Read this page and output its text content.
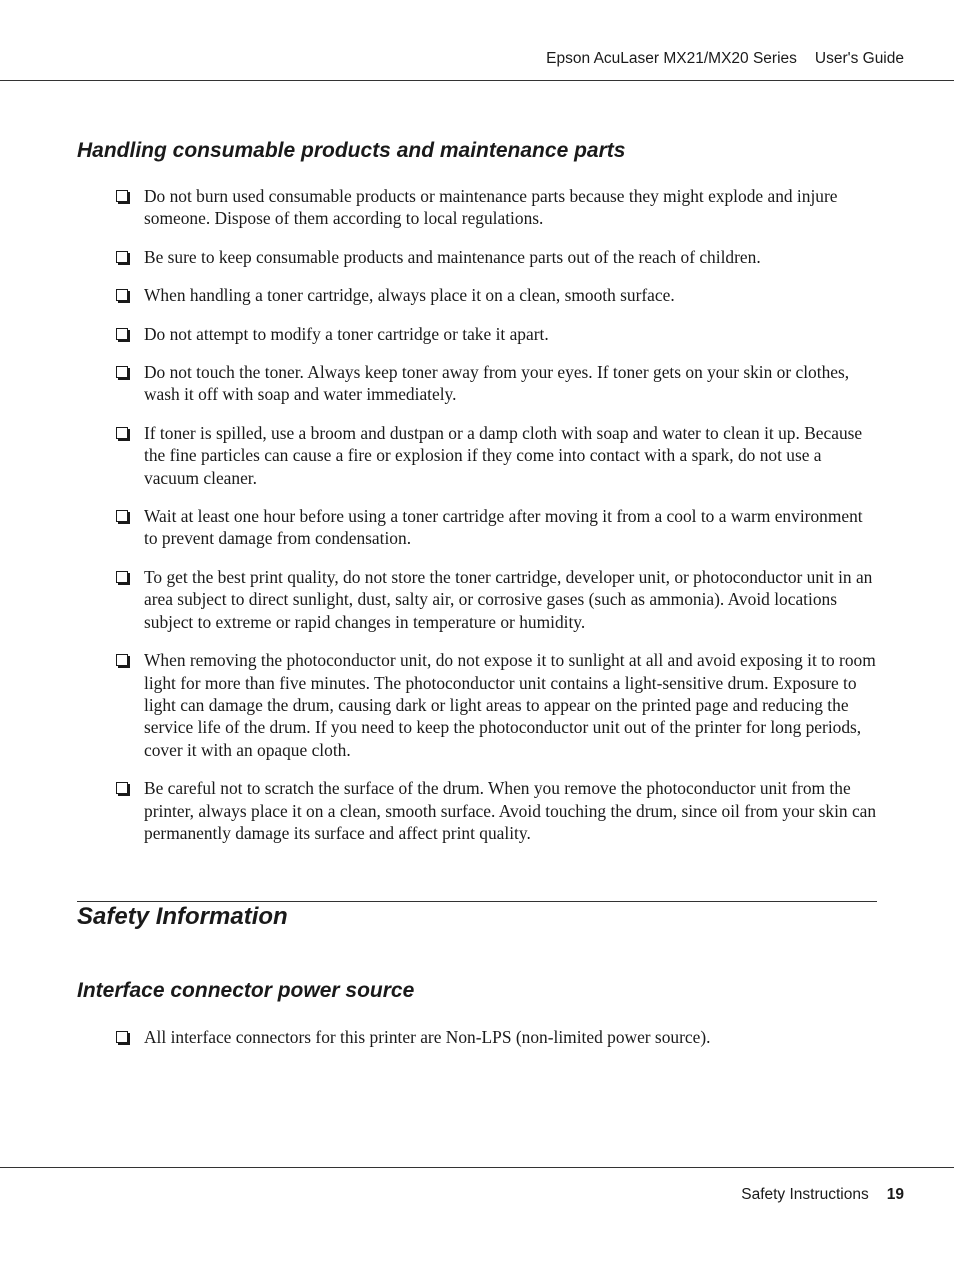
Epson AcuLaser MX21/MX20 Series User's Guide
Handling consumable products and maintenance parts
Do not burn used consumable products or maintenance parts because they might explode and injure someone. Dispose of them according to local regulations.
Be sure to keep consumable products and maintenance parts out of the reach of children.
When handling a toner cartridge, always place it on a clean, smooth surface.
Do not attempt to modify a toner cartridge or take it apart.
Do not touch the toner. Always keep toner away from your eyes. If toner gets on your skin or clothes, wash it off with soap and water immediately.
If toner is spilled, use a broom and dustpan or a damp cloth with soap and water to clean it up. Because the fine particles can cause a fire or explosion if they come into contact with a spark, do not use a vacuum cleaner.
Wait at least one hour before using a toner cartridge after moving it from a cool to a warm environment to prevent damage from condensation.
To get the best print quality, do not store the toner cartridge, developer unit, or photoconductor unit in an area subject to direct sunlight, dust, salty air, or corrosive gases (such as ammonia). Avoid locations subject to extreme or rapid changes in temperature or humidity.
When removing the photoconductor unit, do not expose it to sunlight at all and avoid exposing it to room light for more than five minutes. The photoconductor unit contains a light-sensitive drum. Exposure to light can damage the drum, causing dark or light areas to appear on the printed page and reducing the service life of the drum. If you need to keep the photoconductor unit out of the printer for long periods, cover it with an opaque cloth.
Be careful not to scratch the surface of the drum. When you remove the photoconductor unit from the printer, always place it on a clean, smooth surface. Avoid touching the drum, since oil from your skin can permanently damage its surface and affect print quality.
Safety Information
Interface connector power source
All interface connectors for this printer are Non-LPS (non-limited power source).
Safety Instructions 19
